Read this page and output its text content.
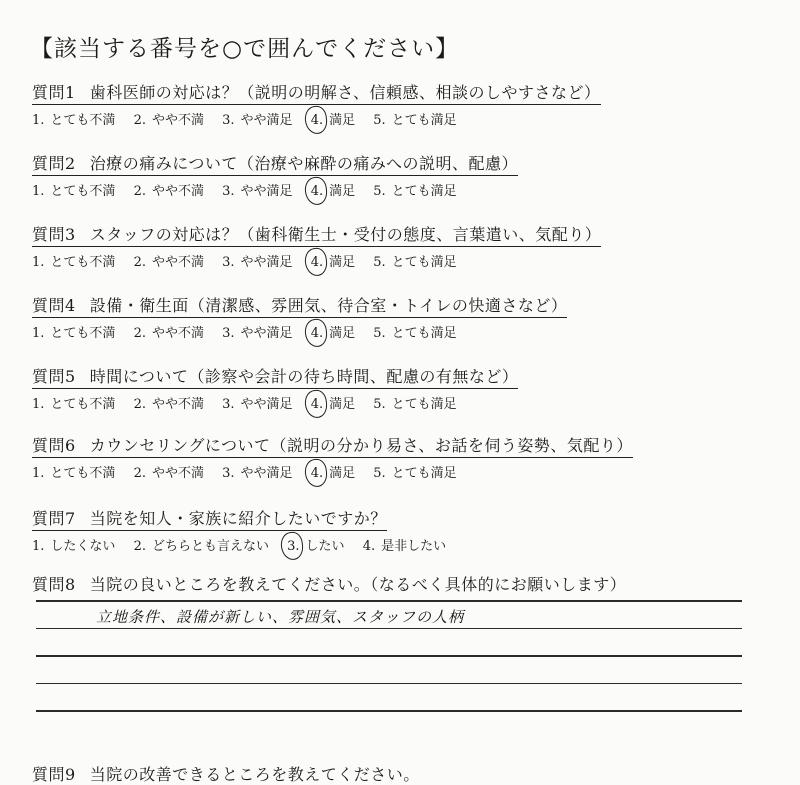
【該当する番号を○で囲んでください】
質問1 歯科医師の対応は？（説明の明解さ、信頼感、相談のしやすさなど）
1. とても不満 2. やや不満 3. やや満足 4. 満足 5. とても満足
質問2 治療の痛みについて（治療や麻酔の痛みへの説明、配慮）
1. とても不満 2. やや不満 3. やや満足 4. 満足 5. とても満足
質問3 スタッフの対応は？（歯科衛生士・受付の態度、言葉遣い、気配り）
1. とても不満 2. やや不満 3. やや満足 4. 満足 5. とても満足
質問4 設備・衛生面（清潔感、雰囲気、待合室・トイレの快適さなど）
1. とても不満 2. やや不満 3. やや満足 4. 満足 5. とても満足
質問5 時間について（診察や会計の待ち時間、配慮の有無など）
1. とても不満 2. やや不満 3. やや満足 4. 満足 5. とても満足
質問6 カウンセリングについて（説明の分かり易さ、お話を伺う姿勢、気配り）
1. とても不満 2. やや不満 3. やや満足 4. 満足 5. とても満足
質問7 当院を知人・家族に紹介したいですか？
1. したくない 2. どちらとも言えない 3. したい 4. 是非したい
質問8 当院の良いところを教えてください。（なるべく具体的にお願いします）
立地条件、設備が新しい、雰囲気、スタッフの人柄
質問9 当院の改善できるところを教えてください。
